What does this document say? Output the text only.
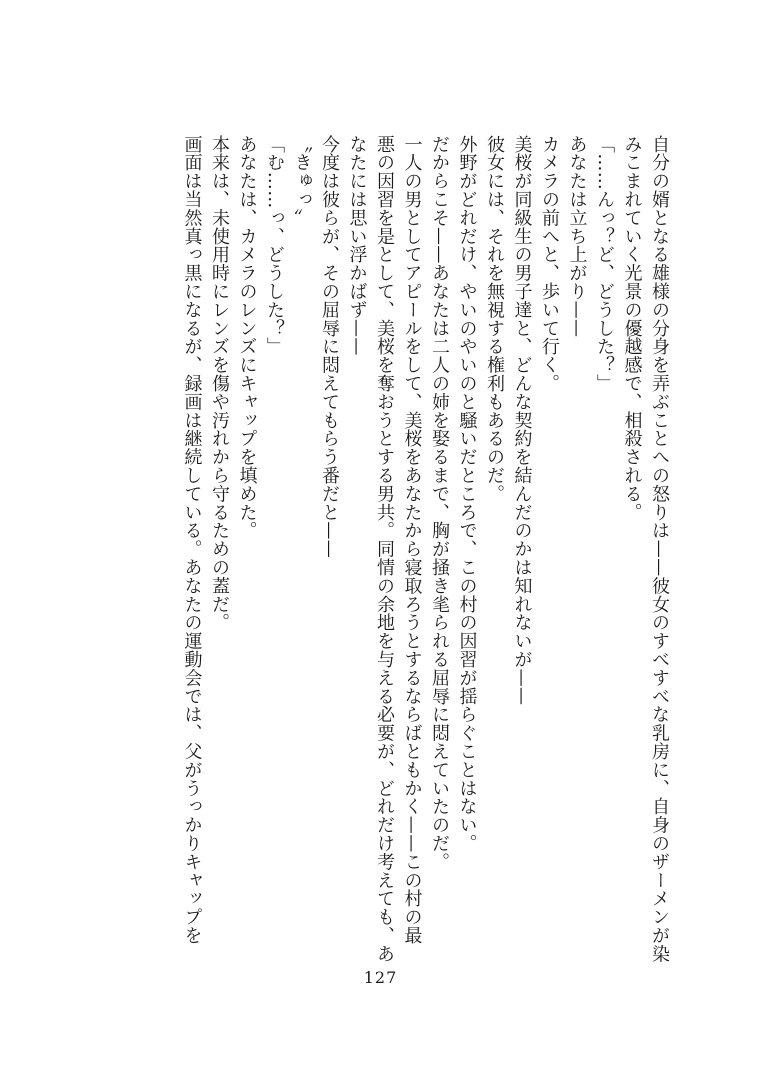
自分の婿となる雄様の分身を弄ぶことへの怒りは——彼女のすべすべな乳房に、自身のザーメンが染

みこまれていく光景の優越感で、相殺される。

「……んっ？ど、どうした？」

あなたは立ち上がり——

カメラの前へと、歩いて行く。

美桜が同級生の男子達と、どんな契約を結んだのかは知れないが——

彼女には、それを無視する権利もあるのだ。

外野がどれだけ、やいのやいのと騒いだところで、この村の因習が揺らぐことはない。

だからこそ——あなたは二人の姉を娶るまで、胸が掻き毟られる屈辱に悶えていたのだ。

一人の男としてアピールをして、美桜をあなたから寝取ろうとするならばともかく——この村の最

悪の因習を是として、美桜を奪おうとする男共。同情の余地を与える必要が、どれだけ考えても、あ

なたには思い浮かばず——

今度は彼らが、その屈辱に悶えてもらう番だと——

〝きゅっ〟

「む……っ、どうした？」

あなたは、カメラのレンズにキャップを填めた。

本来は、未使用時にレンズを傷や汚れから守るための蓋だ。

画面は当然真っ黒になるが、録画は継続している。あなたの運動会では、父がうっかりキャップを

127
